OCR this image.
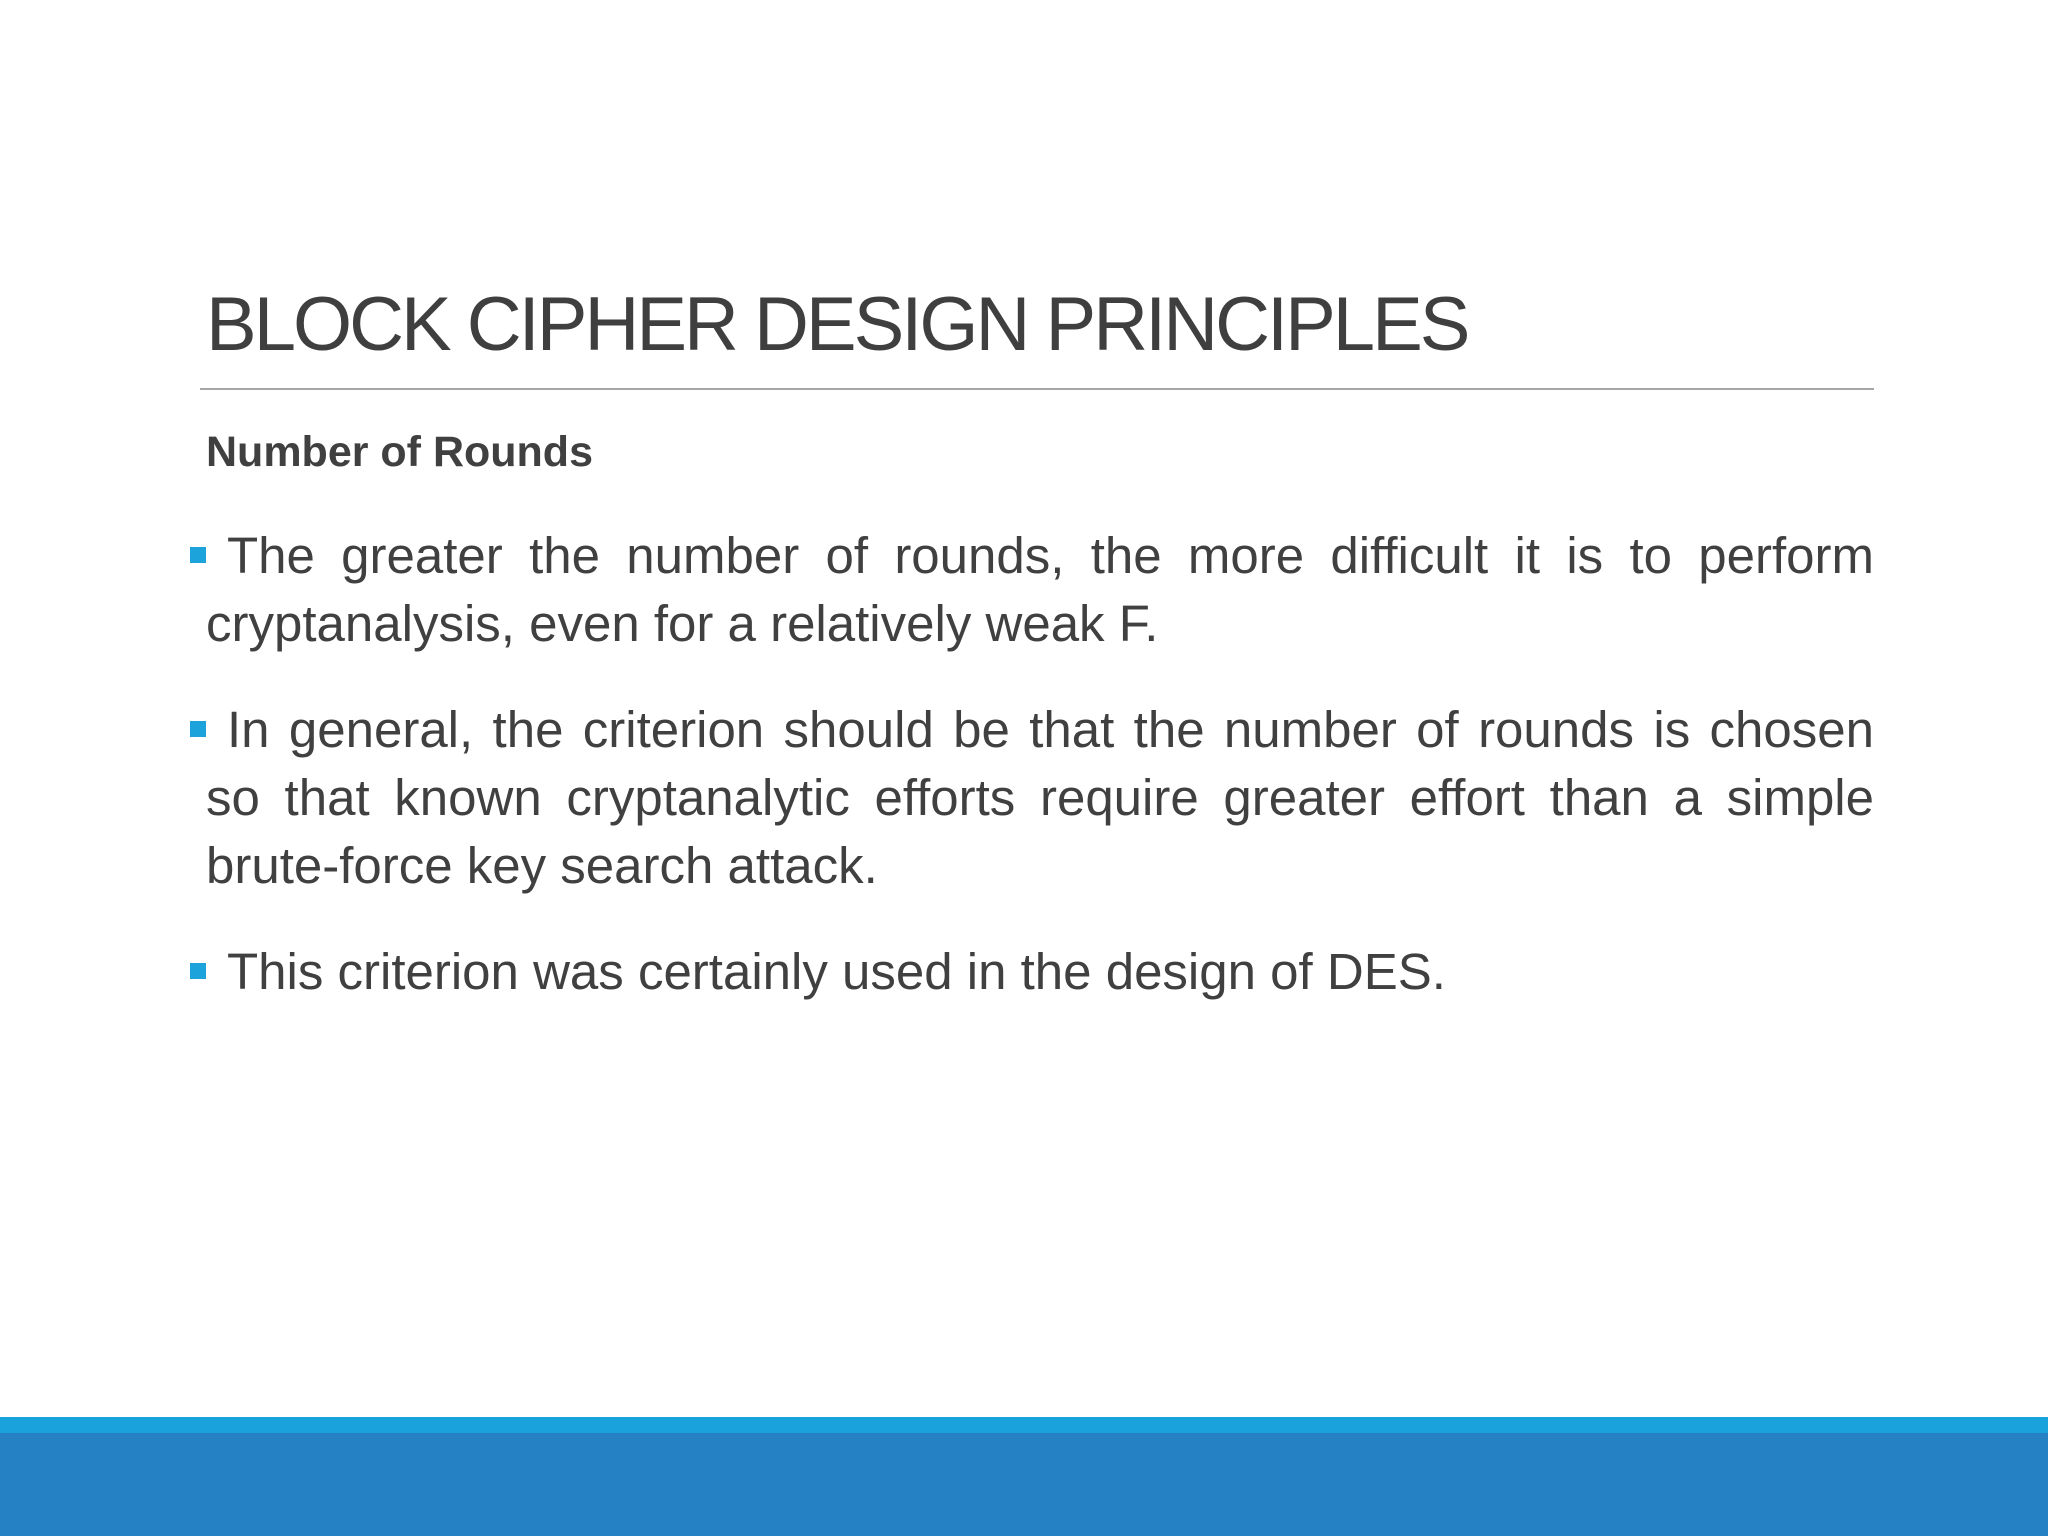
BLOCK CIPHER DESIGN PRINCIPLES

Number of Rounds

The greater the number of rounds, the more difficult it is to perform cryptanalysis, even for a relatively weak F.
In general, the criterion should be that the number of rounds is chosen so that known cryptanalytic efforts require greater effort than a simple brute-force key search attack.
This criterion was certainly used in the design of DES.
